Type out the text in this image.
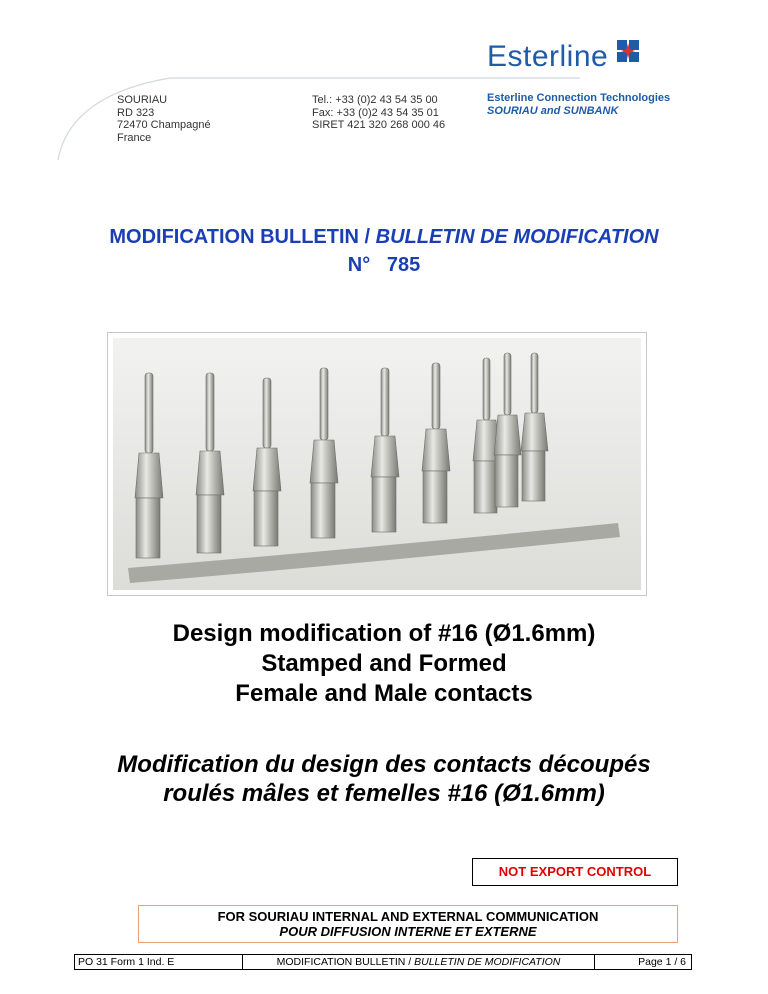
SOURIAU
RD 323
72470 Champagné
France
Tel.: +33 (0)2 43 54 35 00
Fax: +33 (0)2 43 54 35 01
SIRET 421 320 268 000 46
Esterline
Esterline Connection Technologies
SOURIAU and SUNBANK
MODIFICATION BULLETIN / BULLETIN DE MODIFICATION
N° 785
Design modification of #16 (Ø1.6mm)
Stamped and Formed
Female and Male contacts
Modification du design des contacts découpés
roulés mâles et femelles #16 (Ø1.6mm)
NOT EXPORT CONTROL
FOR SOURIAU INTERNAL AND EXTERNAL COMMUNICATION
POUR DIFFUSION INTERNE ET EXTERNE
PO 31 Form 1 Ind. E	MODIFICATION BULLETIN / BULLETIN DE MODIFICATION	Page 1 / 6
